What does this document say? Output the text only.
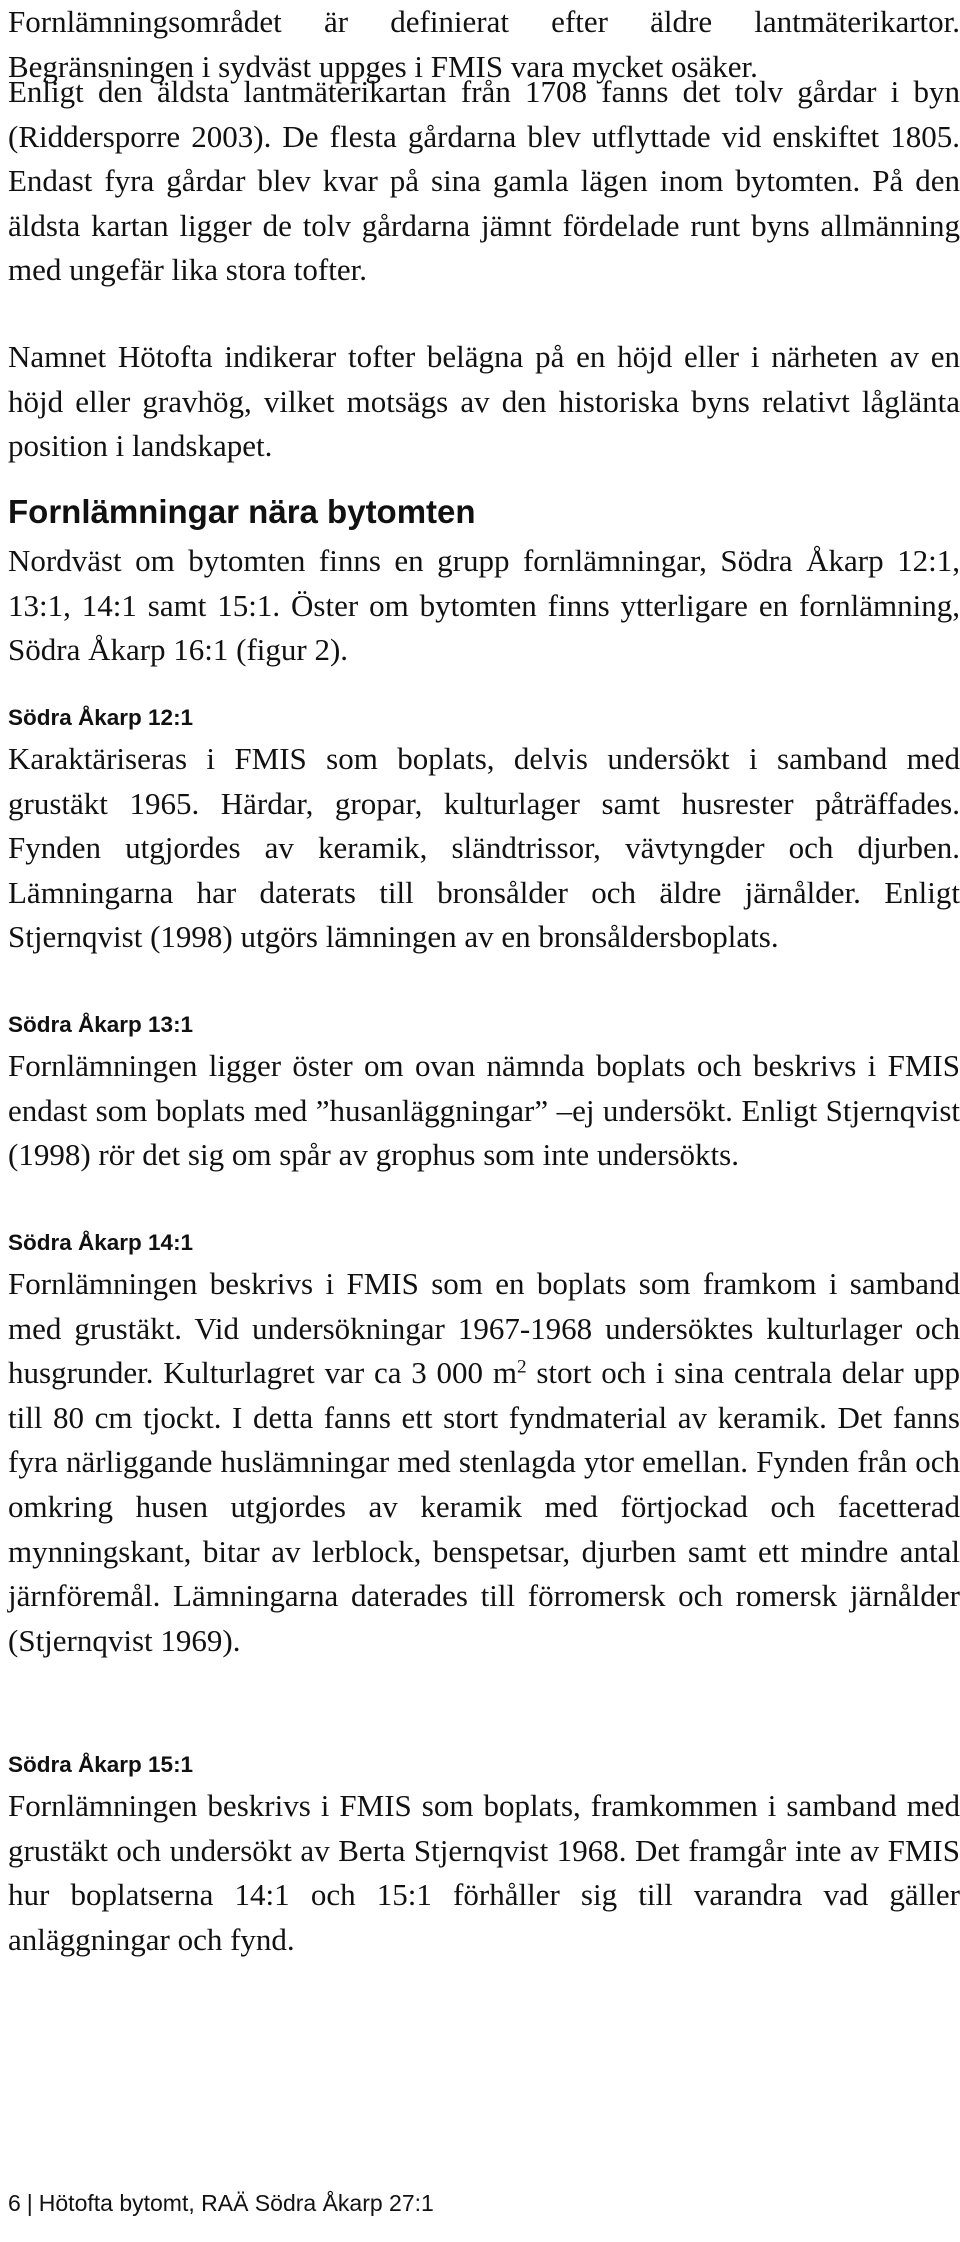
Fornlämningsområdet är definierat efter äldre lantmäterikartor. Begränsningen i sydväst uppges i FMIS vara mycket osäker.

Enligt den äldsta lantmäterikartan från 1708 fanns det tolv gårdar i byn (Riddersporre 2003). De flesta gårdarna blev utflyttade vid enskiftet 1805. Endast fyra gårdar blev kvar på sina gamla lägen inom bytomten. På den äldsta kartan ligger de tolv gårdarna jämnt fördelade runt byns allmänning med ungefär lika stora tofter.

Namnet Hötofta indikerar tofter belägna på en höjd eller i närheten av en höjd eller gravhög, vilket motsägs av den historiska byns relativt låglänta position i landskapet.

Fornlämningar nära bytomten

Nordväst om bytomten finns en grupp fornlämningar, Södra Åkarp 12:1, 13:1, 14:1 samt 15:1. Öster om bytomten finns ytterligare en fornlämning, Södra Åkarp 16:1 (figur 2).

Södra Åkarp 12:1

Karaktäriseras i FMIS som boplats, delvis undersökt i samband med grustäkt 1965. Härdar, gropar, kulturlager samt husrester påträffades. Fynden utgjordes av keramik, sländtrissor, vävtyngder och djurben. Lämningarna har daterats till bronsålder och äldre järnålder. Enligt Stjernqvist (1998) utgörs lämningen av en bronsåldersboplats.

Södra Åkarp 13:1

Fornlämningen ligger öster om ovan nämnda boplats och beskrivs i FMIS endast som boplats med ”husanläggningar” –ej undersökt. Enligt Stjernqvist (1998) rör det sig om spår av grophus som inte undersökts.

Södra Åkarp 14:1

Fornlämningen beskrivs i FMIS som en boplats som framkom i samband med grustäkt. Vid undersökningar 1967-1968 undersöktes kulturlager och husgrunder. Kulturlagret var ca 3 000 $m^2$ stort och i sina centrala delar upp till 80 cm tjockt. I detta fanns ett stort fyndmaterial av keramik. Det fanns fyra närliggande huslämningar med stenlagda ytor emellan. Fynden från och omkring husen utgjordes av keramik med förtjockad och facetterad mynningskant, bitar av lerblock, benspetsar, djurben samt ett mindre antal järnföremål. Lämningarna daterades till förromersk och romersk järnålder (Stjernqvist 1969).

Södra Åkarp 15:1

Fornlämningen beskrivs i FMIS som boplats, framkommen i samband med grustäkt och undersökt av Berta Stjernqvist 1968. Det framgår inte av FMIS hur boplatserna 14:1 och 15:1 förhåller sig till varandra vad gäller anläggningar och fynd.

6 | Hötofta bytomt, RAÄ Södra Åkarp 27:1
